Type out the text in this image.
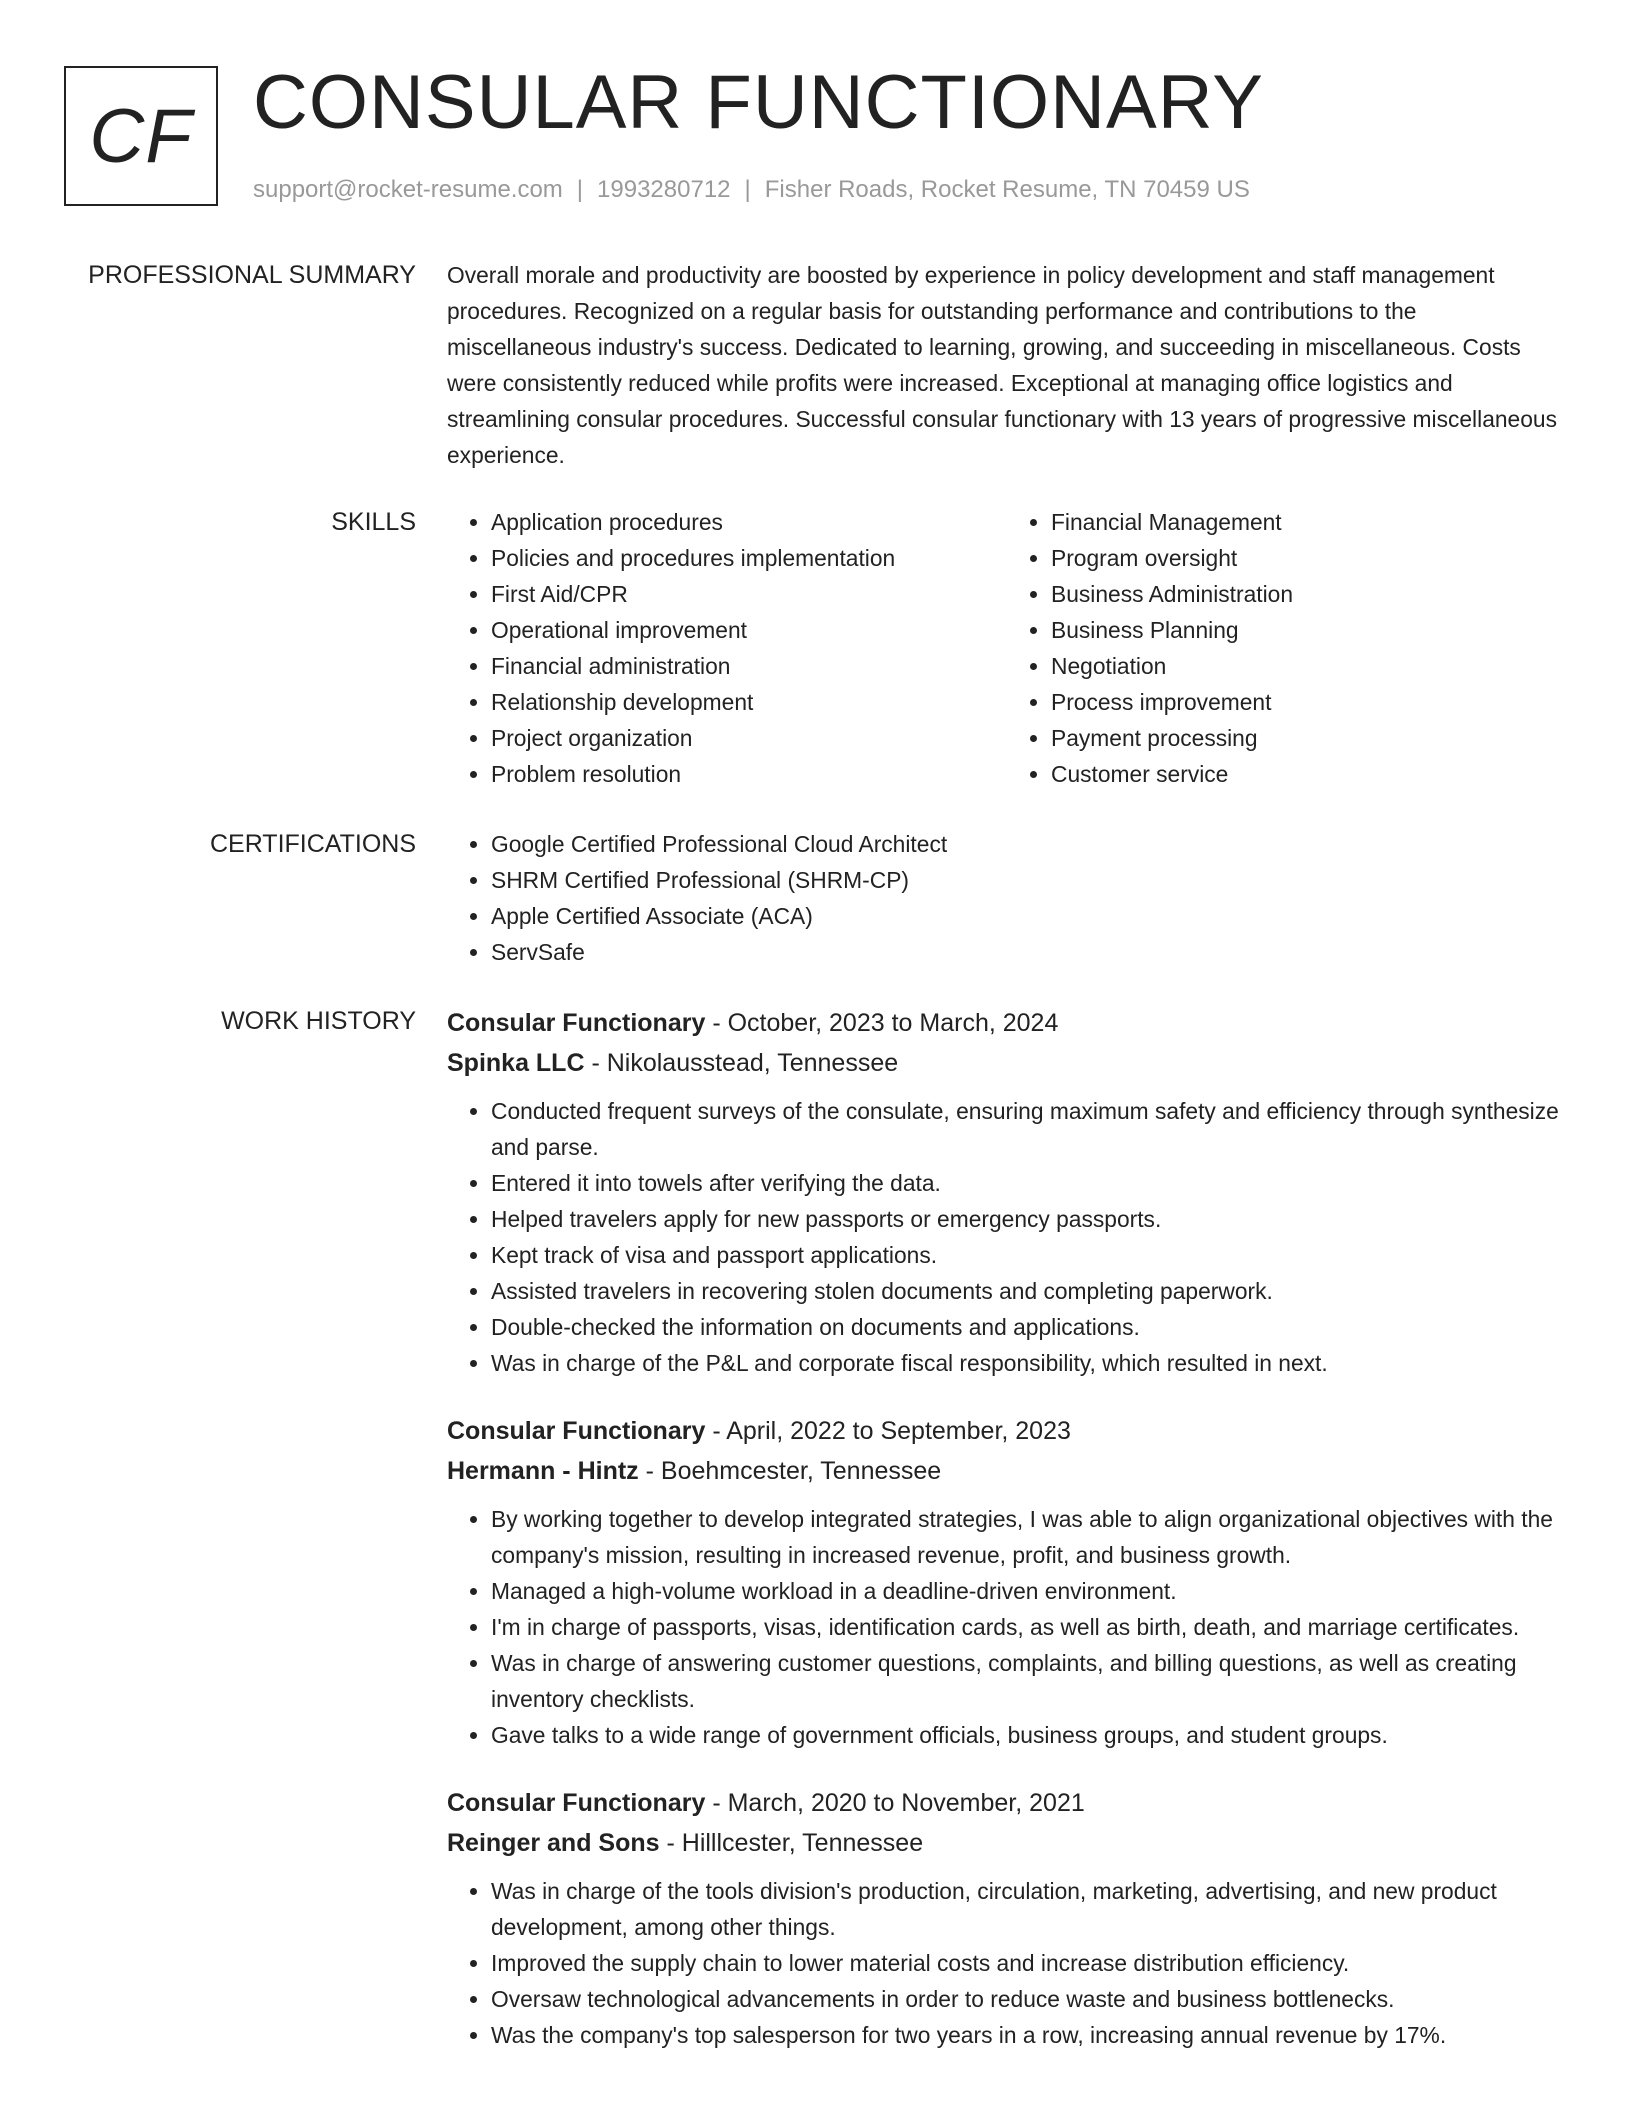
CF CONSULAR FUNCTIONARY
support@rocket-resume.com | 1993280712 | Fisher Roads, Rocket Resume, TN 70459 US
PROFESSIONAL SUMMARY Overall morale and productivity are boosted by experience in policy development and staff management procedures. Recognized on a regular basis for outstanding performance and contributions to the miscellaneous industry's success. Dedicated to learning, growing, and succeeding in miscellaneous. Costs were consistently reduced while profits were increased. Exceptional at managing office logistics and streamlining consular procedures. Successful consular functionary with 13 years of progressive miscellaneous experience.

SKILLS	• Application procedures
• Policies and procedures implementation
• First Aid/CPR
• Operational improvement
• Financial administration
• Relationship development
• Project organization
• Problem resolution
• Financial Management
• Program oversight
• Business Administration
• Business Planning
• Negotiation
• Process improvement
• Payment processing
• Customer service
CERTIFICATIONS	• Google Certified Professional Cloud Architect
• SHRM Certified Professional (SHRM-CP)
• Apple Certified Associate (ACA)
• ServSafe
WORK HISTORY Consular Functionary - October, 2023 to March, 2024
Spinka LLC - Nikolausstead, Tennessee
• Conducted frequent surveys of the consulate, ensuring maximum safety and efficiency through synthesize and parse.
• Entered it into towels after verifying the data.
• Helped travelers apply for new passports or emergency passports.
• Kept track of visa and passport applications.
• Assisted travelers in recovering stolen documents and completing paperwork.
• Double-checked the information on documents and applications.
• Was in charge of the P&L and corporate fiscal responsibility, which resulted in next.
Consular Functionary - April, 2022 to September, 2023
Hermann - Hintz - Boehmcester, Tennessee
• By working together to develop integrated strategies, I was able to align organizational objectives with the company's mission, resulting in increased revenue, profit, and business growth.
• Managed a high-volume workload in a deadline-driven environment.
• I'm in charge of passports, visas, identification cards, as well as birth, death, and marriage certificates.
• Was in charge of answering customer questions, complaints, and billing questions, as well as creating inventory checklists.
• Gave talks to a wide range of government officials, business groups, and student groups.
Consular Functionary - March, 2020 to November, 2021
Reinger and Sons - Hilllcester, Tennessee
• Was in charge of the tools division's production, circulation, marketing, advertising, and new product development, among other things.
• Improved the supply chain to lower material costs and increase distribution efficiency.
• Oversaw technological advancements in order to reduce waste and business bottlenecks.
• Was the company's top salesperson for two years in a row, increasing annual revenue by 17%.
